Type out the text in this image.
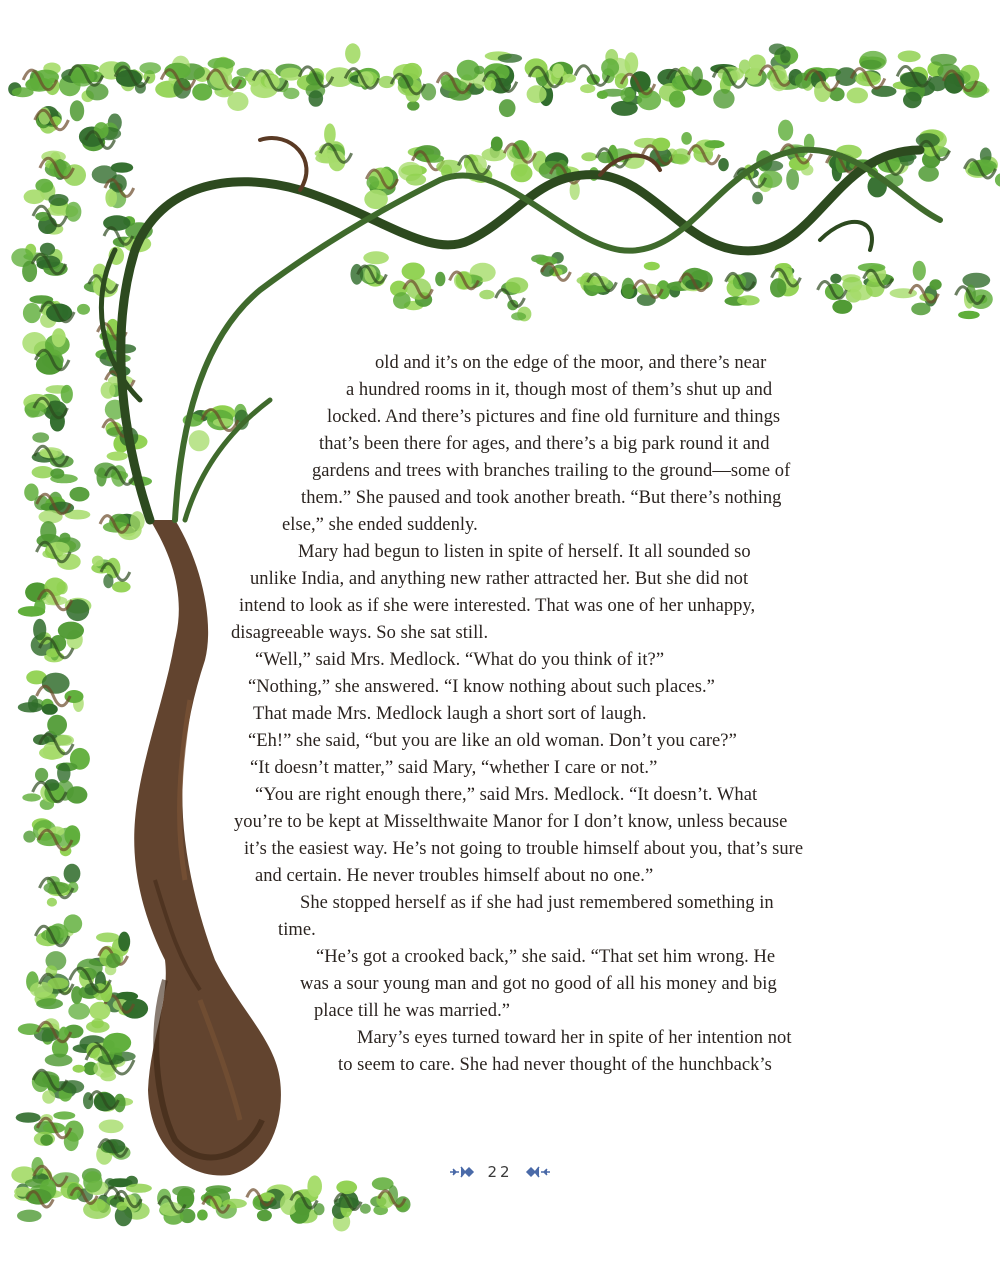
old and it’s on the edge of the moor, and there’s near
a hundred rooms in it, though most of them’s shut up and
locked. And there’s pictures and fine old furniture and things
that’s been there for ages, and there’s a big park round it and
gardens and trees with branches trailing to the ground—some of
them.” She paused and took another breath. “But there’s nothing
else,” she ended suddenly.
Mary had begun to listen in spite of herself. It all sounded so
unlike India, and anything new rather attracted her. But she did not
intend to look as if she were interested. That was one of her unhappy,
disagreeable ways. So she sat still.
“Well,” said Mrs. Medlock. “What do you think of it?”
“Nothing,” she answered. “I know nothing about such places.”
That made Mrs. Medlock laugh a short sort of laugh.
“Eh!” she said, “but you are like an old woman. Don’t you care?”
“It doesn’t matter,” said Mary, “whether I care or not.”
“You are right enough there,” said Mrs. Medlock. “It doesn’t. What
you’re to be kept at Misselthwaite Manor for I don’t know, unless because
it’s the easiest way. He’s not going to trouble himself about you, that’s sure
and certain. He never troubles himself about no one.”
She stopped herself as if she had just remembered something in
time.
“He’s got a crooked back,” she said. “That set him wrong. He
was a sour young man and got no good of all his money and big
place till he was married.”
Mary’s eyes turned toward her in spite of her intention not
to seem to care. She had never thought of the hunchback’s
22
